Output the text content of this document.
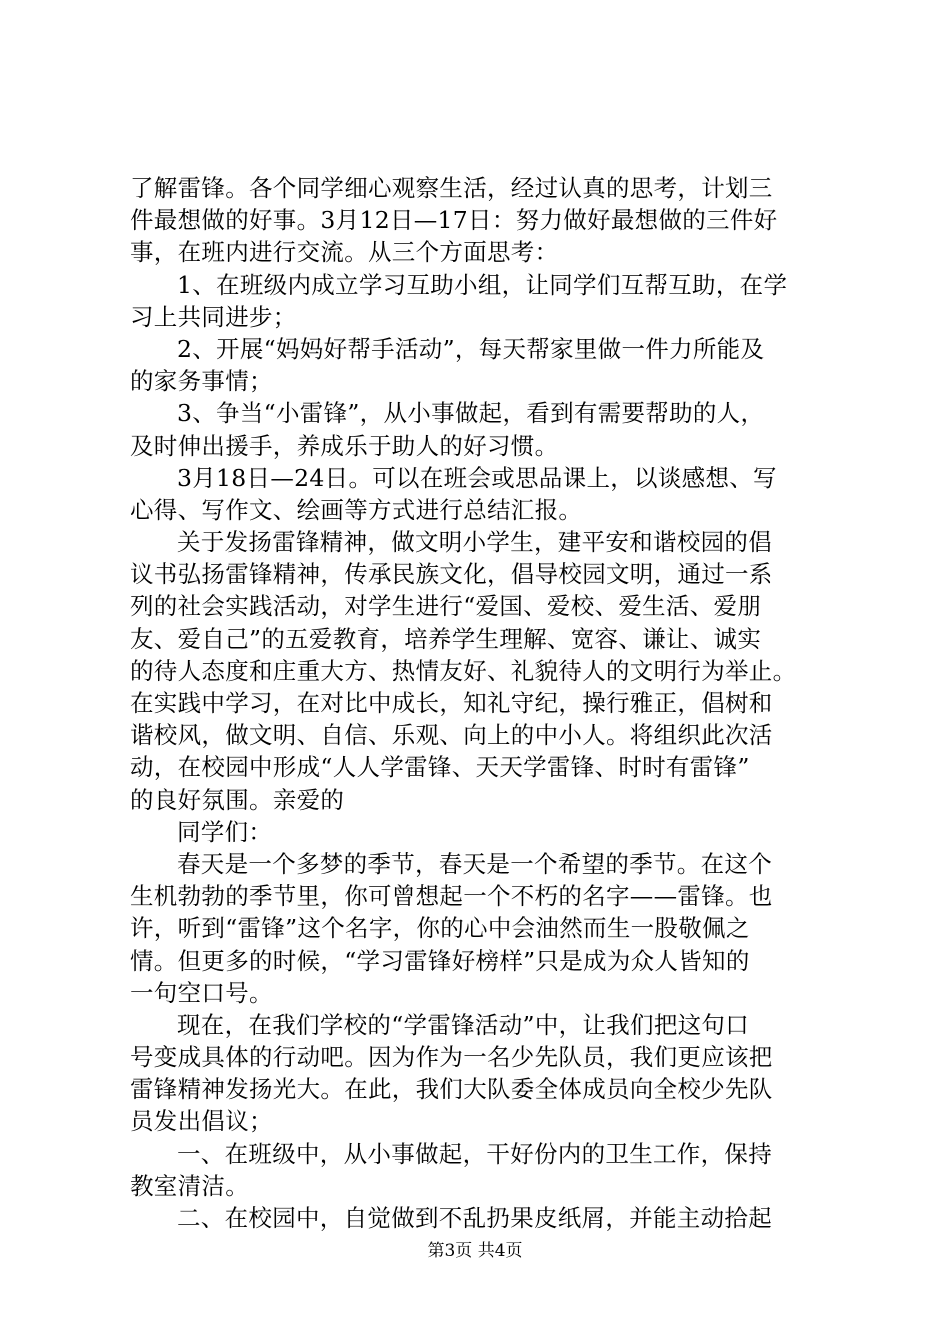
了解雷锋。各个同学细心观察生活，经过认真的思考，计划三
件最想做的好事。3月12日—17日：努力做好最想做的三件好
事，在班内进行交流。从三个方面思考：
1、在班级内成立学习互助小组，让同学们互帮互助，在学
习上共同进步；
2、开展“妈妈好帮手活动”，每天帮家里做一件力所能及
的家务事情；
3、争当“小雷锋”，从小事做起，看到有需要帮助的人，
及时伸出援手，养成乐于助人的好习惯。
3月18日—24日。可以在班会或思品课上，以谈感想、写
心得、写作文、绘画等方式进行总结汇报。
关于发扬雷锋精神，做文明小学生，建平安和谐校园的倡
议书弘扬雷锋精神，传承民族文化，倡导校园文明，通过一系
列的社会实践活动，对学生进行“爱国、爱校、爱生活、爱朋
友、爱自己”的五爱教育，培养学生理解、宽容、谦让、诚实
的待人态度和庄重大方、热情友好、礼貌待人的文明行为举止。
在实践中学习，在对比中成长，知礼守纪，操行雅正，倡树和
谐校风，做文明、自信、乐观、向上的中小人。将组织此次活
动，在校园中形成“人人学雷锋、天天学雷锋、时时有雷锋”
的良好氛围。亲爱的
同学们：
春天是一个多梦的季节，春天是一个希望的季节。在这个
生机勃勃的季节里，你可曾想起一个不朽的名字——雷锋。也
许，听到“雷锋”这个名字，你的心中会油然而生一股敬佩之
情。但更多的时候，“学习雷锋好榜样”只是成为众人皆知的
一句空口号。
现在，在我们学校的“学雷锋活动”中，让我们把这句口
号变成具体的行动吧。因为作为一名少先队员，我们更应该把
雷锋精神发扬光大。在此，我们大队委全体成员向全校少先队
员发出倡议；
一、在班级中，从小事做起，干好份内的卫生工作，保持
教室清洁。
二、在校园中，自觉做到不乱扔果皮纸屑，并能主动拾起
第3页 共4页
